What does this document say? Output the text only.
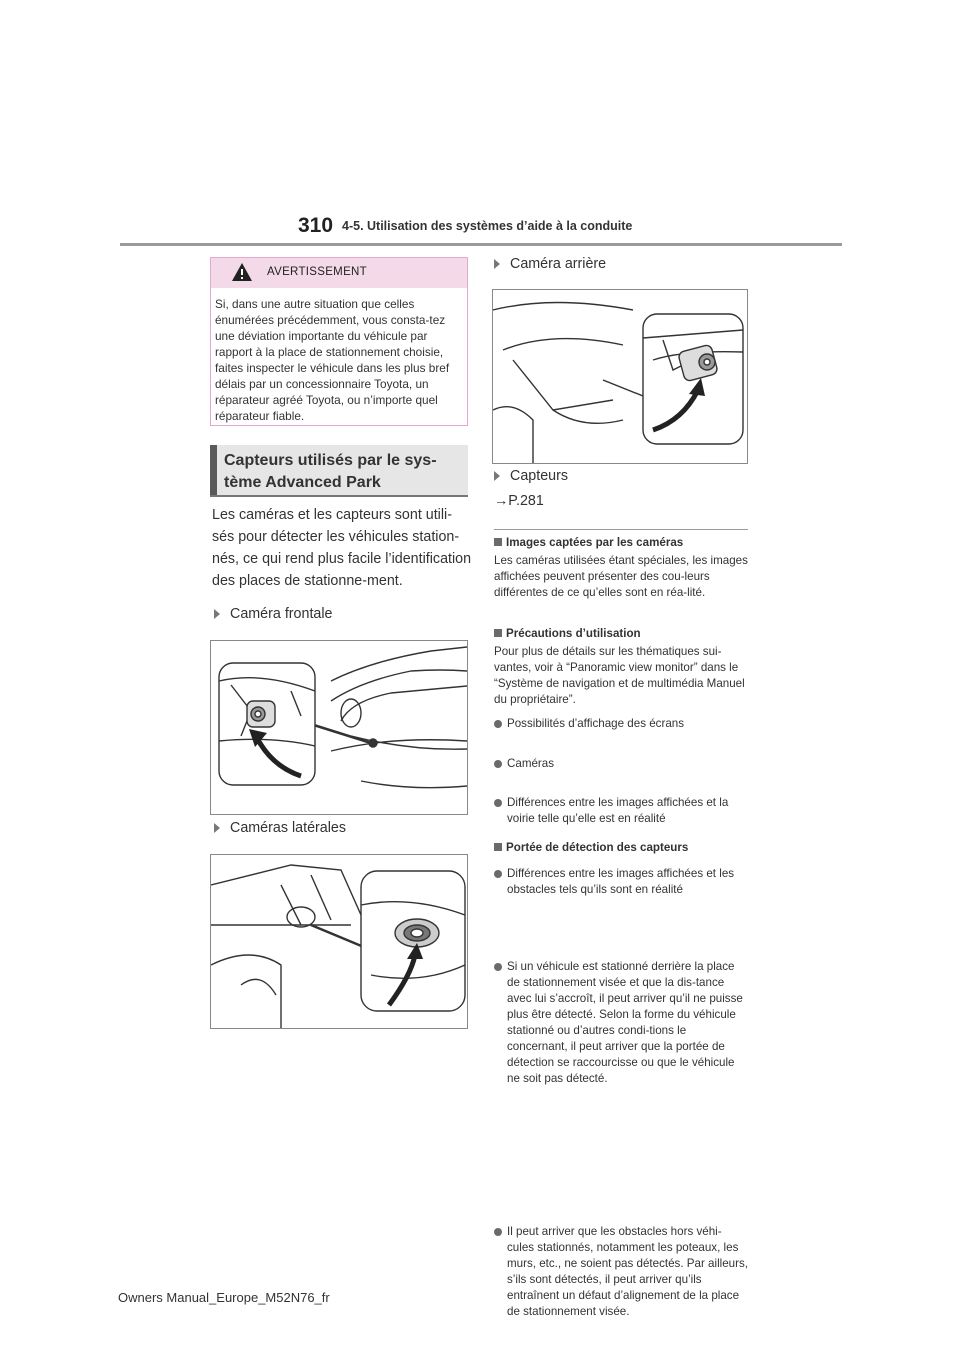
310 4-5. Utilisation des systèmes d’aide à la conduite
AVERTISSEMENT
Si, dans une autre situation que celles énumérées précédemment, vous consta-tez une déviation importante du véhicule par rapport à la place de stationnement choisie, faites inspecter le véhicule dans les plus bref délais par un concessionnaire Toyota, un réparateur agréé Toyota, ou n’importe quel réparateur fiable.
Capteurs utilisés par le sys-tème Advanced Park
Les caméras et les capteurs sont utili-sés pour détecter les véhicules station-nés, ce qui rend plus facile l’identification des places de stationne-ment.
Caméra frontale
Caméras latérales
Caméra arrière
Capteurs
→P.281
Images captées par les caméras
Les caméras utilisées étant spéciales, les images affichées peuvent présenter des cou-leurs différentes de ce qu’elles sont en réa-lité.
Précautions d’utilisation
Pour plus de détails sur les thématiques sui-vantes, voir à “Panoramic view monitor” dans le “Système de navigation et de multimédia Manuel du propriétaire”.
Possibilités d’affichage des écrans
Caméras
Différences entre les images affichées et la voirie telle qu’elle est en réalité
Différences entre les images affichées et les obstacles tels qu’ils sont en réalité
Portée de détection des capteurs
Si un véhicule est stationné derrière la place de stationnement visée et que la dis-tance avec lui s’accroît, il peut arriver qu’il ne puisse plus être détecté. Selon la forme du véhicule stationné ou d’autres condi-tions le concernant, il peut arriver que la portée de détection se raccourcisse ou que le véhicule ne soit pas détecté.
Il peut arriver que les obstacles hors véhi-cules stationnés, notamment les poteaux, les murs, etc., ne soient pas détectés. Par ailleurs, s’ils sont détectés, il peut arriver qu’ils entraînent un défaut d’alignement de la place de stationnement visée.
Owners Manual_Europe_M52N76_fr
